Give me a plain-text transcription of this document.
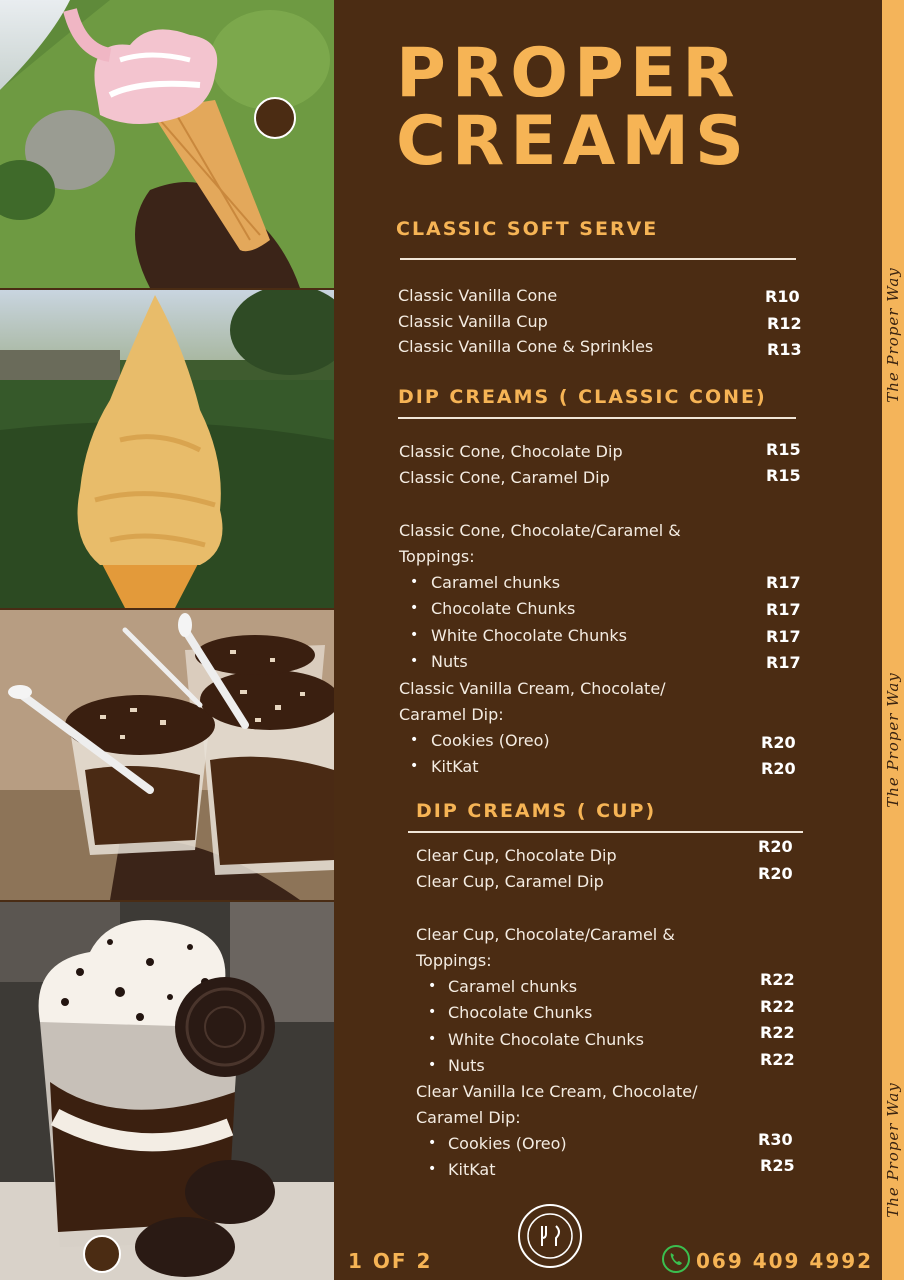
The Proper Way
The Proper Way
The Proper Way
PROPER
CREAMS
CLASSIC SOFT SERVE
Classic Vanilla Cone	R10
Classic Vanilla Cup	R12
Classic Vanilla Cone & Sprinkles	R13
DIP CREAMS ( CLASSIC CONE)
Classic Cone, Chocolate Dip	R15
Classic Cone, Caramel Dip	R15
Classic Cone, Chocolate/Caramel &
Toppings:
• Caramel chunks	R17
• Chocolate Chunks	R17
• White Chocolate Chunks	R17
• Nuts	R17
Classic Vanilla Cream, Chocolate/
Caramel Dip:
• Cookies (Oreo)	R20
• KitKat	R20
DIP CREAMS ( CUP)
Clear Cup, Chocolate Dip	R20
Clear Cup, Caramel Dip	R20
Clear Cup, Chocolate/Caramel &
Toppings:
• Caramel chunks	R22
• Chocolate Chunks	R22
• White Chocolate Chunks	R22
• Nuts	R22
Clear Vanilla Ice Cream, Chocolate/
Caramel Dip:
• Cookies (Oreo)	R30
• KitKat	R25
1 OF 2	069 409 4992
